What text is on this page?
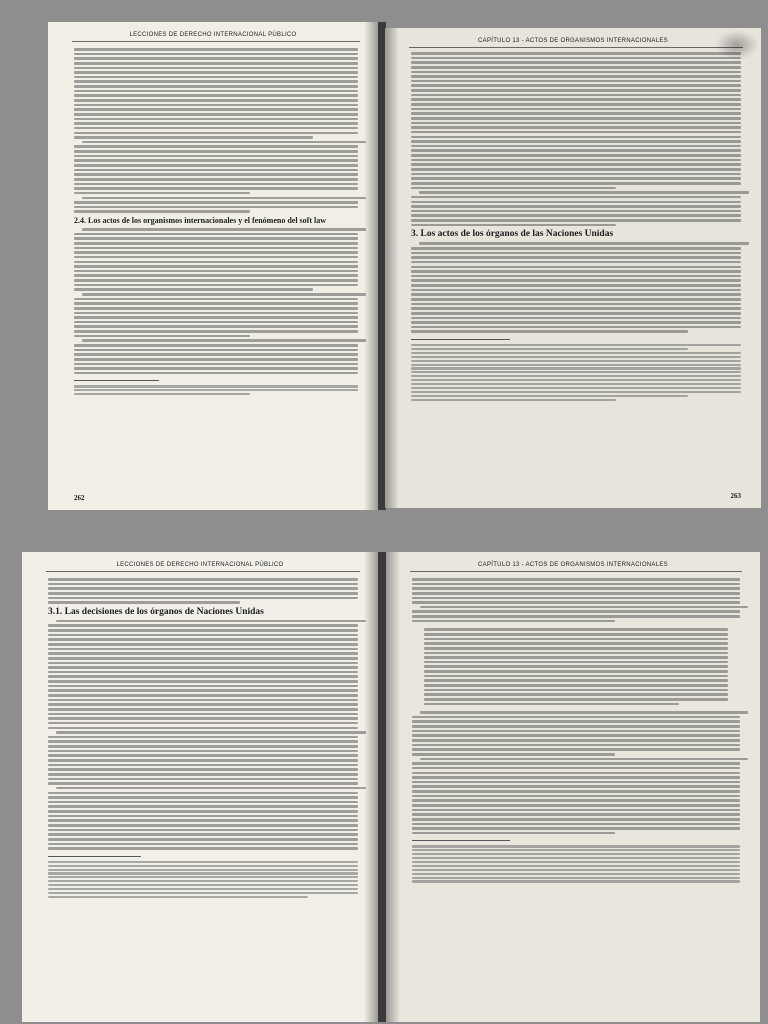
LECCIONES DE DERECHO INTERNACIONAL PÚBLICO
2.4. Los actos de los organismos internacionales y el fenómeno del soft law
262
CAPÍTULO 13 - ACTOS DE ORGANISMOS INTERNACIONALES
3. Los actos de los órganos de las Naciones Unidas
263
LECCIONES DE DERECHO INTERNACIONAL PÚBLICO
3.1. Las decisiones de los órganos de Naciones Unidas
CAPÍTULO 13 - ACTOS DE ORGANISMOS INTERNACIONALES
